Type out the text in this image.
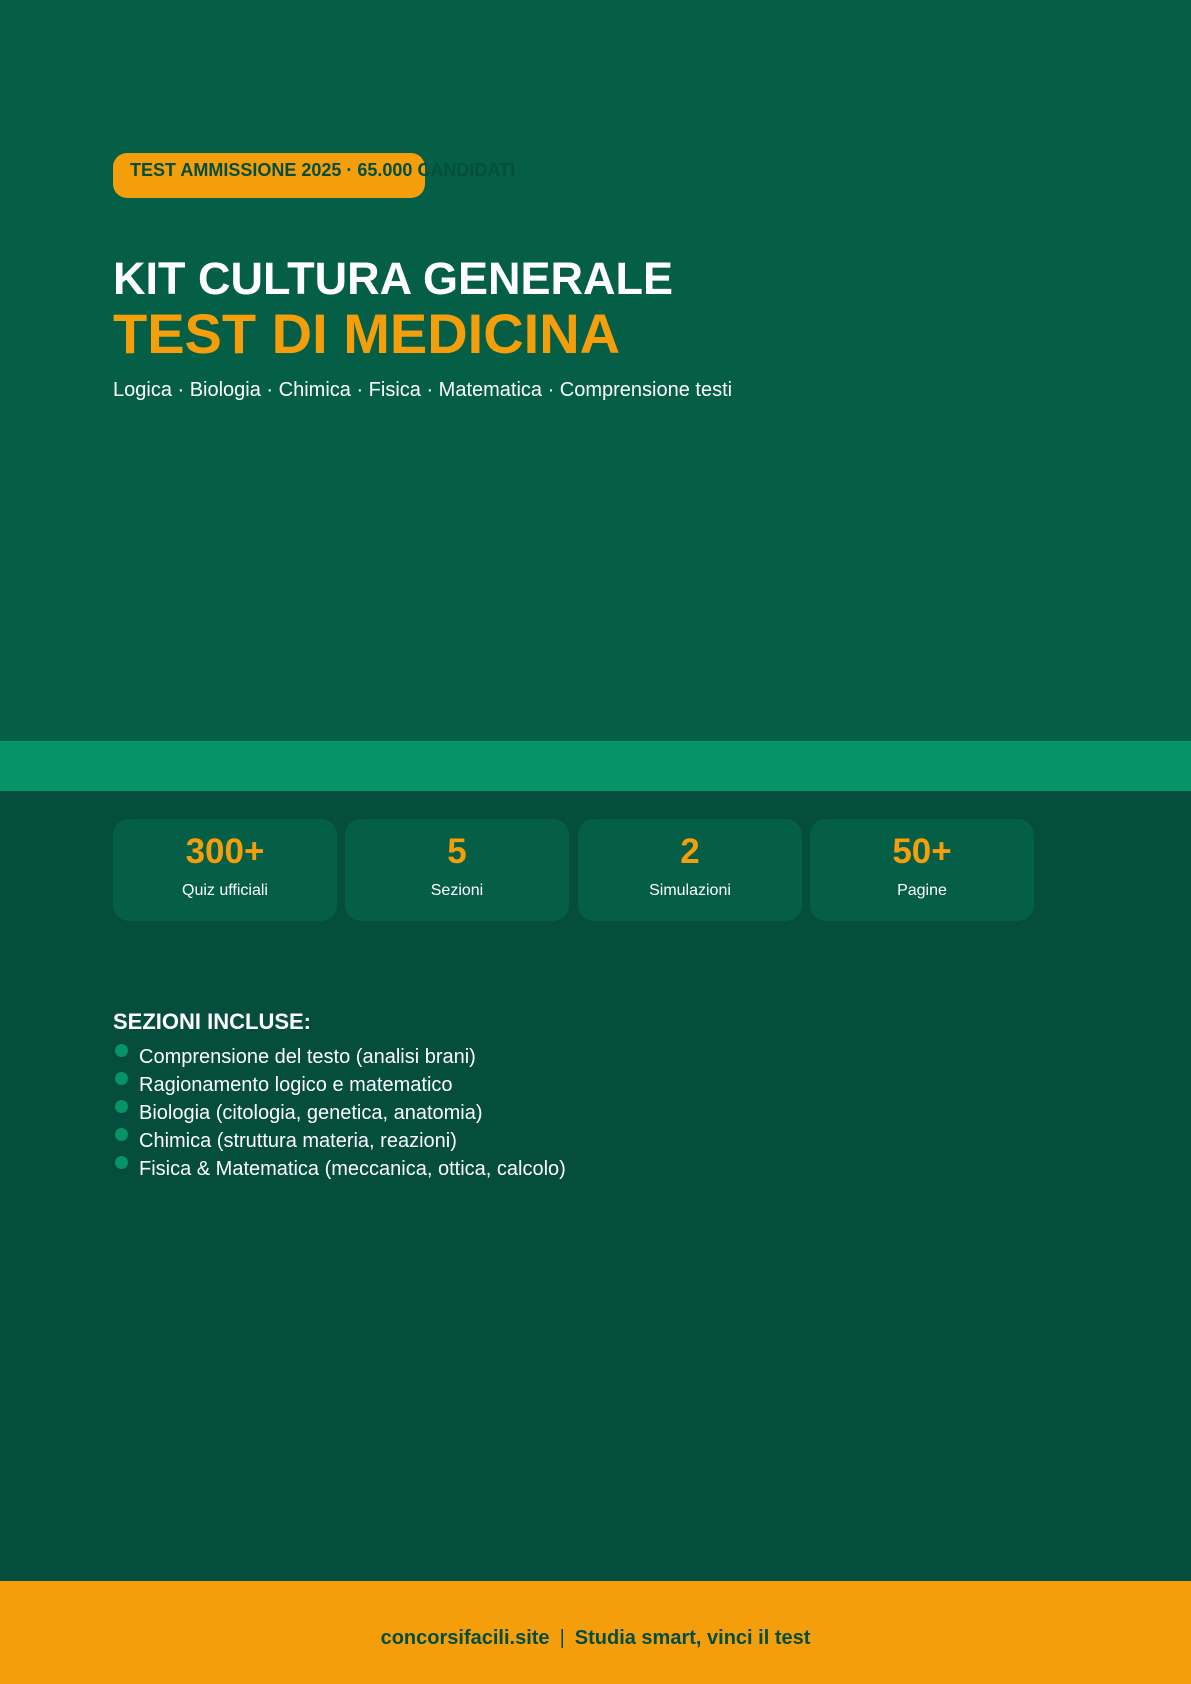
TEST AMMISSIONE 2025 · 65.000 CANDIDATI
KIT CULTURA GENERALE
TEST DI MEDICINA
Logica · Biologia · Chimica · Fisica · Matematica · Comprensione testi
300+
Quiz ufficiali
5
Sezioni
2
Simulazioni
50+
Pagine
SEZIONI INCLUSE:
Comprensione del testo (analisi brani)
Ragionamento logico e matematico
Biologia (citologia, genetica, anatomia)
Chimica (struttura materia, reazioni)
Fisica & Matematica (meccanica, ottica, calcolo)
concorsifacili.site | Studia smart, vinci il test
